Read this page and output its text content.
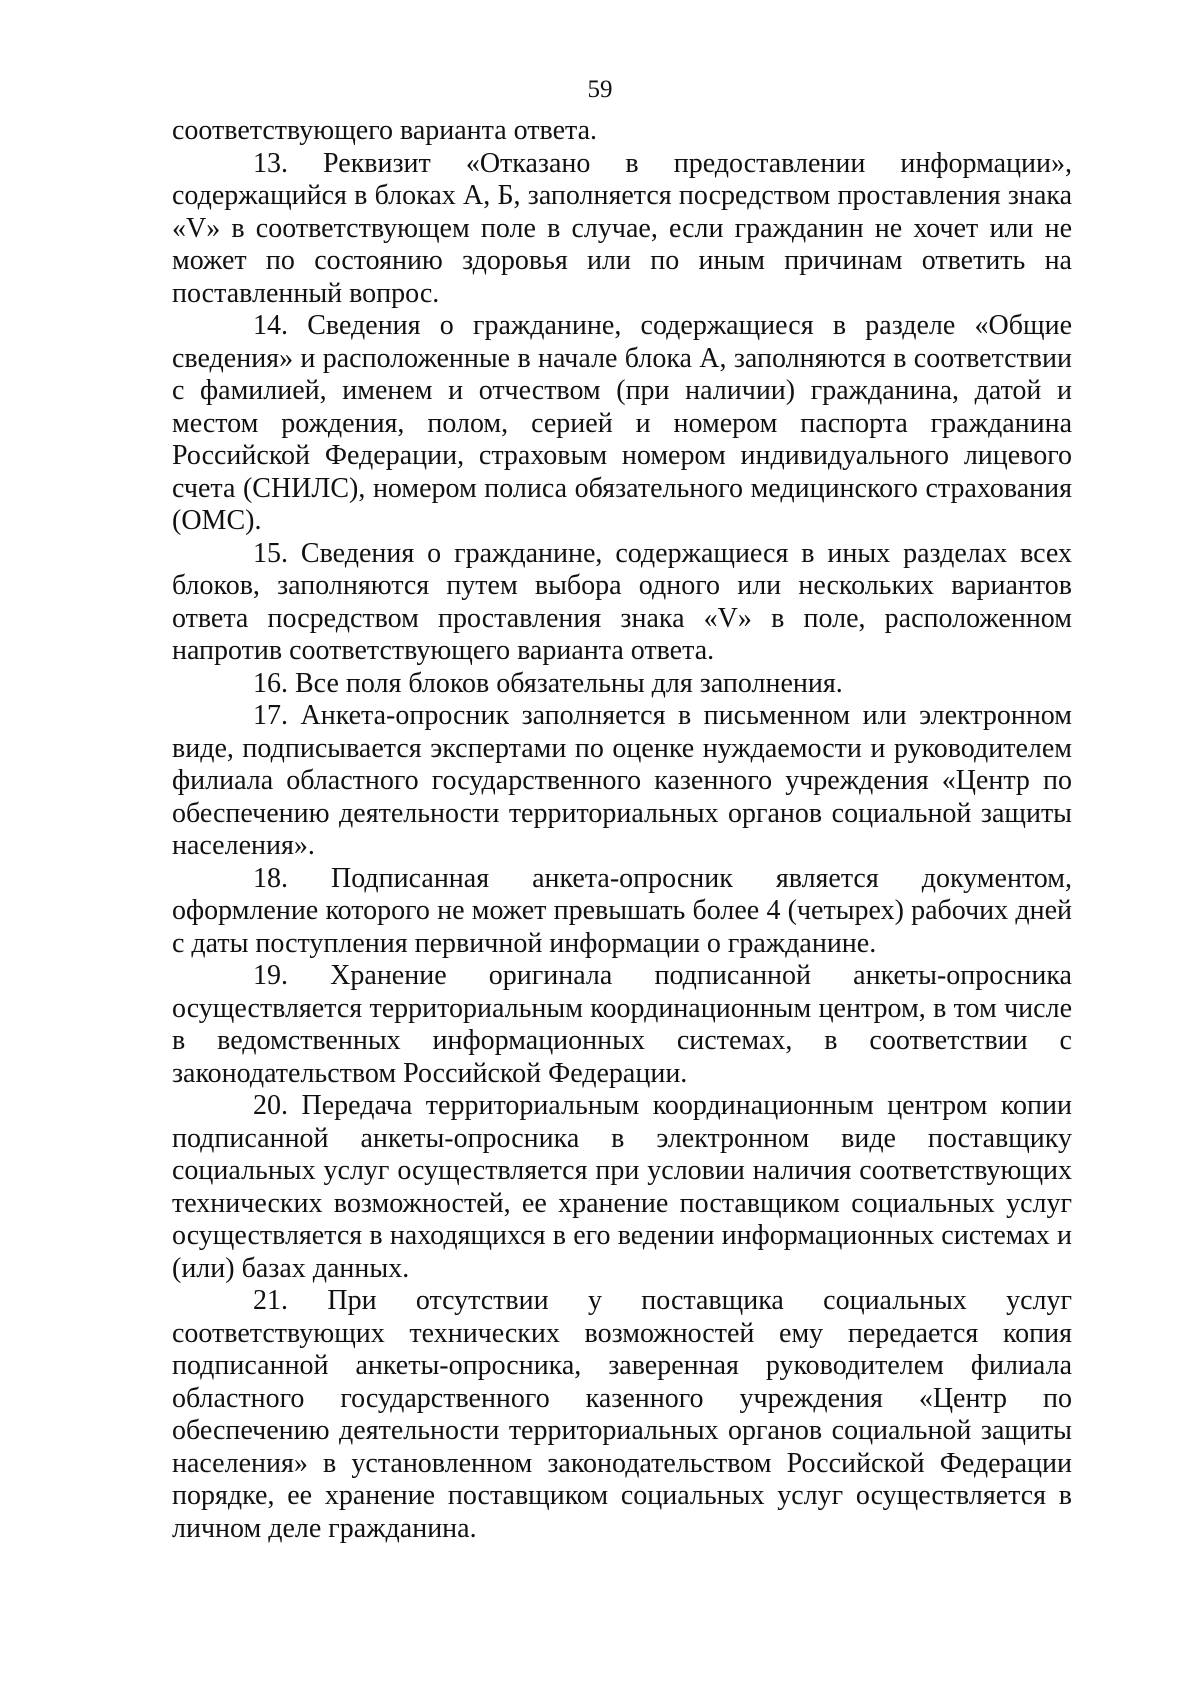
59

соответствующего варианта ответа.

13. Реквизит «Отказано в предоставлении информации», содержащийся в блоках А, Б, заполняется посредством проставления знака «V» в соответствующем поле в случае, если гражданин не хочет или не может по состоянию здоровья или по иным причинам ответить на поставленный вопрос.

14. Сведения о гражданине, содержащиеся в разделе «Общие сведения» и расположенные в начале блока А, заполняются в соответствии с фамилией, именем и отчеством (при наличии) гражданина, датой и местом рождения, полом, серией и номером паспорта гражданина Российской Федерации, страховым номером индивидуального лицевого счета (СНИЛС), номером полиса обязательного медицинского страхования (ОМС).

15. Сведения о гражданине, содержащиеся в иных разделах всех блоков, заполняются путем выбора одного или нескольких вариантов ответа посредством проставления знака «V» в поле, расположенном напротив соответствующего варианта ответа.

16. Все поля блоков обязательны для заполнения.

17. Анкета-опросник заполняется в письменном или электронном виде, подписывается экспертами по оценке нуждаемости и руководителем филиала областного государственного казенного учреждения «Центр по обеспечению деятельности территориальных органов социальной защиты населения».

18. Подписанная анкета-опросник является документом, оформление которого не может превышать более 4 (четырех) рабочих дней с даты поступления первичной информации о гражданине.

19. Хранение оригинала подписанной анкеты-опросника осуществляется территориальным координационным центром, в том числе в ведомственных информационных системах, в соответствии с законодательством Российской Федерации.

20. Передача территориальным координационным центром копии подписанной анкеты-опросника в электронном виде поставщику социальных услуг осуществляется при условии наличия соответствующих технических возможностей, ее хранение поставщиком социальных услуг осуществляется в находящихся в его ведении информационных системах и (или) базах данных.

21. При отсутствии у поставщика социальных услуг соответствующих технических возможностей ему передается копия подписанной анкеты-опросника, заверенная руководителем филиала областного государственного казенного учреждения «Центр по обеспечению деятельности территориальных органов социальной защиты населения» в установленном законодательством Российской Федерации порядке, ее хранение поставщиком социальных услуг осуществляется в личном деле гражданина.
